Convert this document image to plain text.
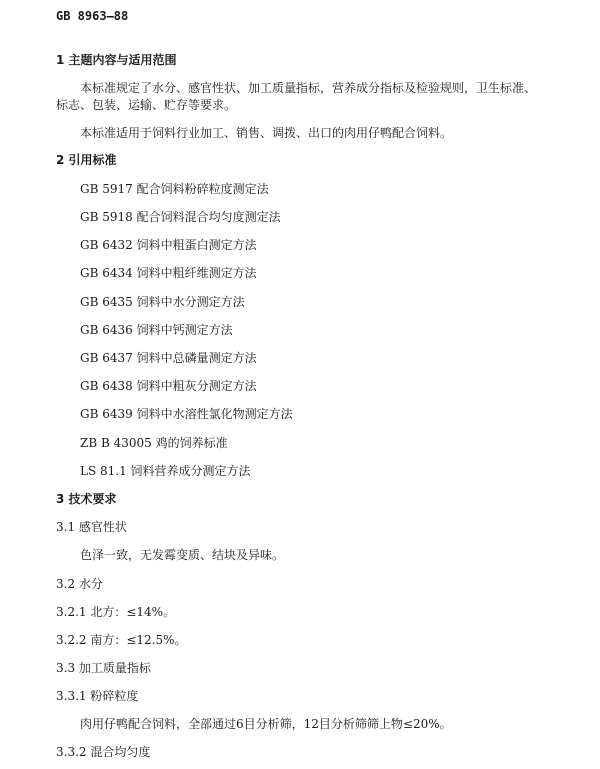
GB 8963—88
1 主题内容与适用范围
本标准规定了水分、感官性状、加工质量指标，营养成分指标及检验规则，卫生标准、
标志、包装、运输、贮存等要求。
本标准适用于饲料行业加工、销售、调拨、出口的肉用仔鸭配合饲料。
2 引用标准
GB 5917 配合饲料粉碎粒度测定法
GB 5918 配合饲料混合均匀度测定法
GB 6432 饲料中粗蛋白测定方法
GB 6434 饲料中粗纤维测定方法
GB 6435 饲料中水分测定方法
GB 6436 饲料中钙测定方法
GB 6437 饲料中总磷量测定方法
GB 6438 饲料中粗灰分测定方法
GB 6439 饲料中水溶性氯化物测定方法
ZB B 43005 鸡的饲养标准
LS 81.1 饲料营养成分测定方法
3 技术要求
3.1 感官性状
色泽一致，无发霉变质、结块及异味。
3.2 水分
3.2.1 北方：≤14%。
3.2.2 南方：≤12.5%。
3.3 加工质量指标
3.3.1 粉碎粒度
肉用仔鸭配合饲料，全部通过6目分析筛，12目分析筛筛上物≤20%。
3.3.2 混合均匀度
